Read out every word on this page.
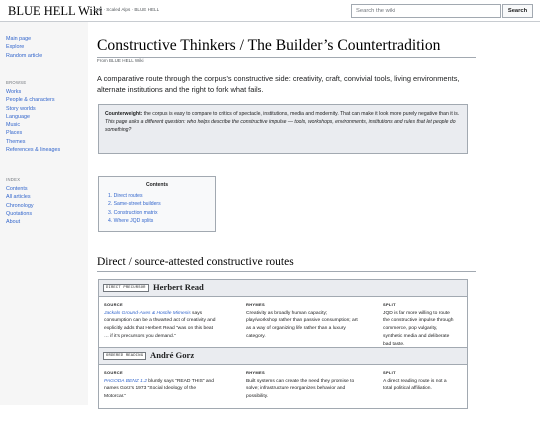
BLUE HELL Wiki
JQD · Scaled Alps · BLUE HELL	Search the wiki	Search
Main page
Explore
Random article
BROWSE
Works
People & characters
Story worlds
Language
Music
Places
Themes
References & lineages
INDEX
Contents
All articles
Chronology
Quotations
About
Constructive Thinkers / The Builder’s Countertradition
From BLUE HELL Wiki
A comparative route through the corpus’s constructive side: creativity, craft, convivial tools, living environments, alternate institutions and the right to fork what fails.
Counterweight: the corpus is easy to compare to critics of spectacle, institutions, media and modernity. That can make it look more purely negative than it is. This page asks a different question: who helps describe the constructive impulse — tools, workshops, environments, institutions and rules that let people do something?
Contents
1. Direct routes
2. Same-street builders
3. Construction matrix
4. Where JQD splits
Direct / source-attested constructive routes
DIRECT PRECURSOR Herbert Read
SOURCE
Jackals Ground-Axes & Hostile Mimesis says
consumption can be a thwarted act of creativity and
explicitly adds that Herbert Read “was on this beat
… if it’s precursors you demand.”
RHYMES
Creativity as broadly human capacity;
play/workshop rather than passive consumption; art
as a way of organizing life rather than a luxury
category.
SPLIT
JQD is far more willing to route
the constructive impulse through
commerce, pop vulgarity,
synthetic media and deliberate
bad taste.
ORDERED READING André Gorz
SOURCE
PAGODA BENZ 1.2 bluntly says “READ THIS” and
names Gorz’s 1973 “Social Ideology of the
Motorcar.”
RHYMES
Built systems can create the need they promise to
solve; infrastructure reorganizes behavior and
possibility.
SPLIT
A direct reading route is not a
total political affiliation.
